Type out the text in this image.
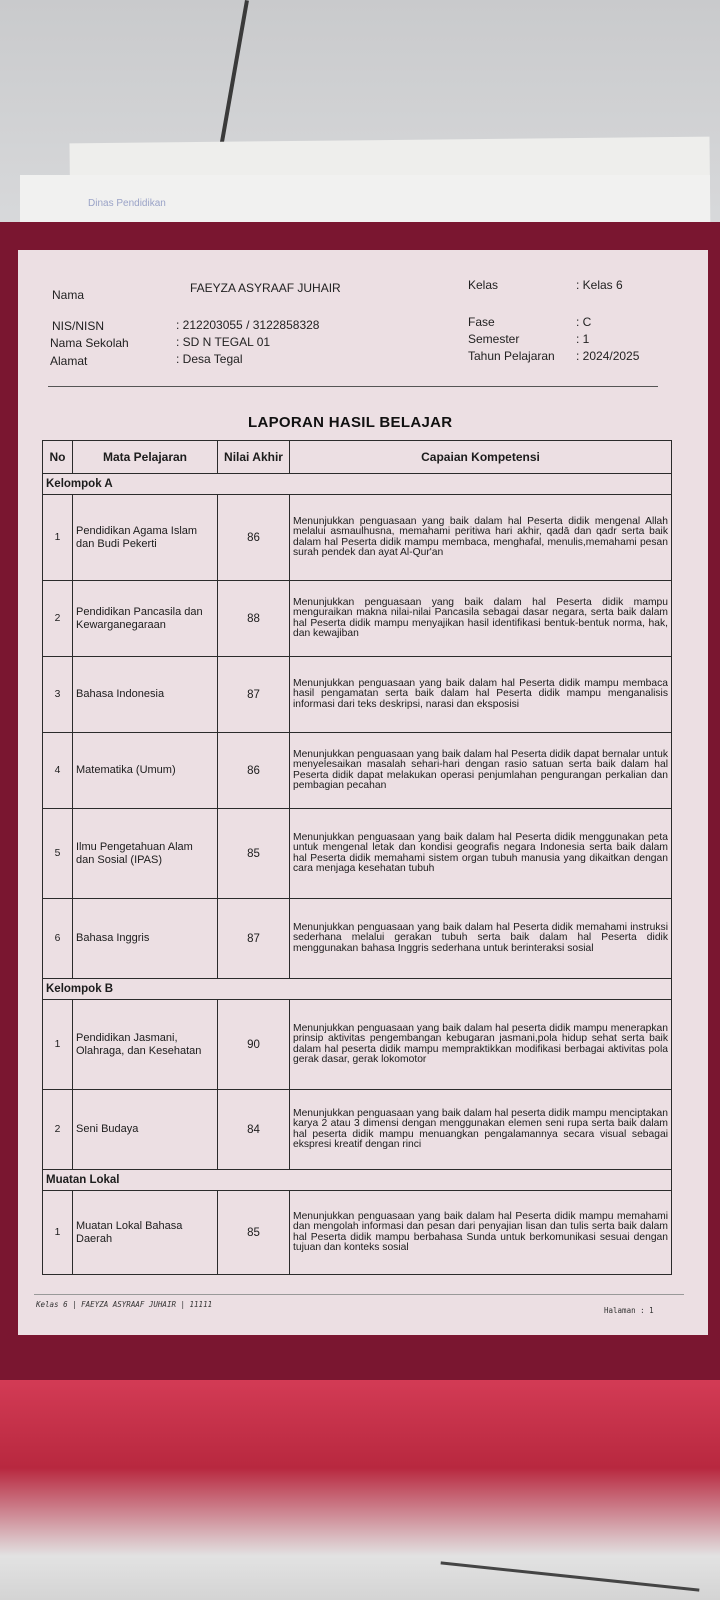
Dinas Pendidikan
Nama	FAEYZA ASYRAAF JUHAIR
NIS/NISN	: 212203055 / 3122858328
Nama Sekolah	: SD N TEGAL 01
Alamat	: Desa Tegal
Kelas	: Kelas 6
Fase	: C
Semester	: 1
Tahun Pelajaran : 2024/2025
LAPORAN HASIL BELAJAR
No	Mata Pelajaran	Nilai Akhir	Capaian Kompetensi
Kelompok A			
1	Pendidikan Agama Islam dan Budi Pekerti	86	Menunjukkan penguasaan yang baik dalam hal Peserta didik mengenal Allah melalui asmaulhusna, memahami peritiwa hari akhir, qadā dan qadr serta baik dalam hal Peserta didik mampu membaca, menghafal, menulis,memahami pesan surah pendek dan ayat Al-Qur'an
2	Pendidikan Pancasila dan Kewarganegaraan	88	Menunjukkan penguasaan yang baik dalam hal Peserta didik mampu menguraikan makna nilai-nilai Pancasila sebagai dasar negara, serta baik dalam hal Peserta didik mampu menyajikan hasil identifikasi bentuk-bentuk norma, hak, dan kewajiban
3	Bahasa Indonesia	87	Menunjukkan penguasaan yang baik dalam hal Peserta didik mampu membaca hasil pengamatan serta baik dalam hal Peserta didik mampu menganalisis informasi dari teks deskripsi, narasi dan eksposisi
4	Matematika (Umum)	86	Menunjukkan penguasaan yang baik dalam hal Peserta didik dapat bernalar untuk menyelesaikan masalah sehari-hari dengan rasio satuan serta baik dalam hal Peserta didik dapat melakukan operasi penjumlahan pengurangan perkalian dan pembagian pecahan
5	Ilmu Pengetahuan Alam dan Sosial (IPAS)	85	Menunjukkan penguasaan yang baik dalam hal Peserta didik menggunakan peta untuk mengenal letak dan kondisi geografis negara Indonesia serta baik dalam hal Peserta didik memahami sistem organ tubuh manusia yang dikaitkan dengan cara menjaga kesehatan tubuh
6	Bahasa Inggris	87	Menunjukkan penguasaan yang baik dalam hal Peserta didik memahami instruksi sederhana melalui gerakan tubuh serta baik dalam hal Peserta didik menggunakan bahasa Inggris sederhana untuk berinteraksi sosial
Kelompok B			
1	Pendidikan Jasmani, Olahraga, dan Kesehatan	90	Menunjukkan penguasaan yang baik dalam hal peserta didik mampu menerapkan prinsip aktivitas pengembangan kebugaran jasmani,pola hidup sehat serta baik dalam hal peserta didik mampu mempraktikkan modifikasi berbagai aktivitas pola gerak dasar, gerak lokomotor
2	Seni Budaya	84	Menunjukkan penguasaan yang baik dalam hal peserta didik mampu menciptakan karya 2 atau 3 dimensi dengan menggunakan elemen seni rupa serta baik dalam hal peserta didik mampu menuangkan pengalamannya secara visual sebagai ekspresi kreatif dengan rinci
Muatan Lokal			
1	Muatan Lokal Bahasa Daerah	85	Menunjukkan penguasaan yang baik dalam hal Peserta didik mampu memahami dan mengolah informasi dan pesan dari penyajian lisan dan tulis serta baik dalam hal Peserta didik mampu berbahasa Sunda untuk berkomunikasi sesuai dengan tujuan dan konteks sosial
Kelas 6 | FAEYZA ASYRAAF JUHAIR | 11111
Halaman : 1
